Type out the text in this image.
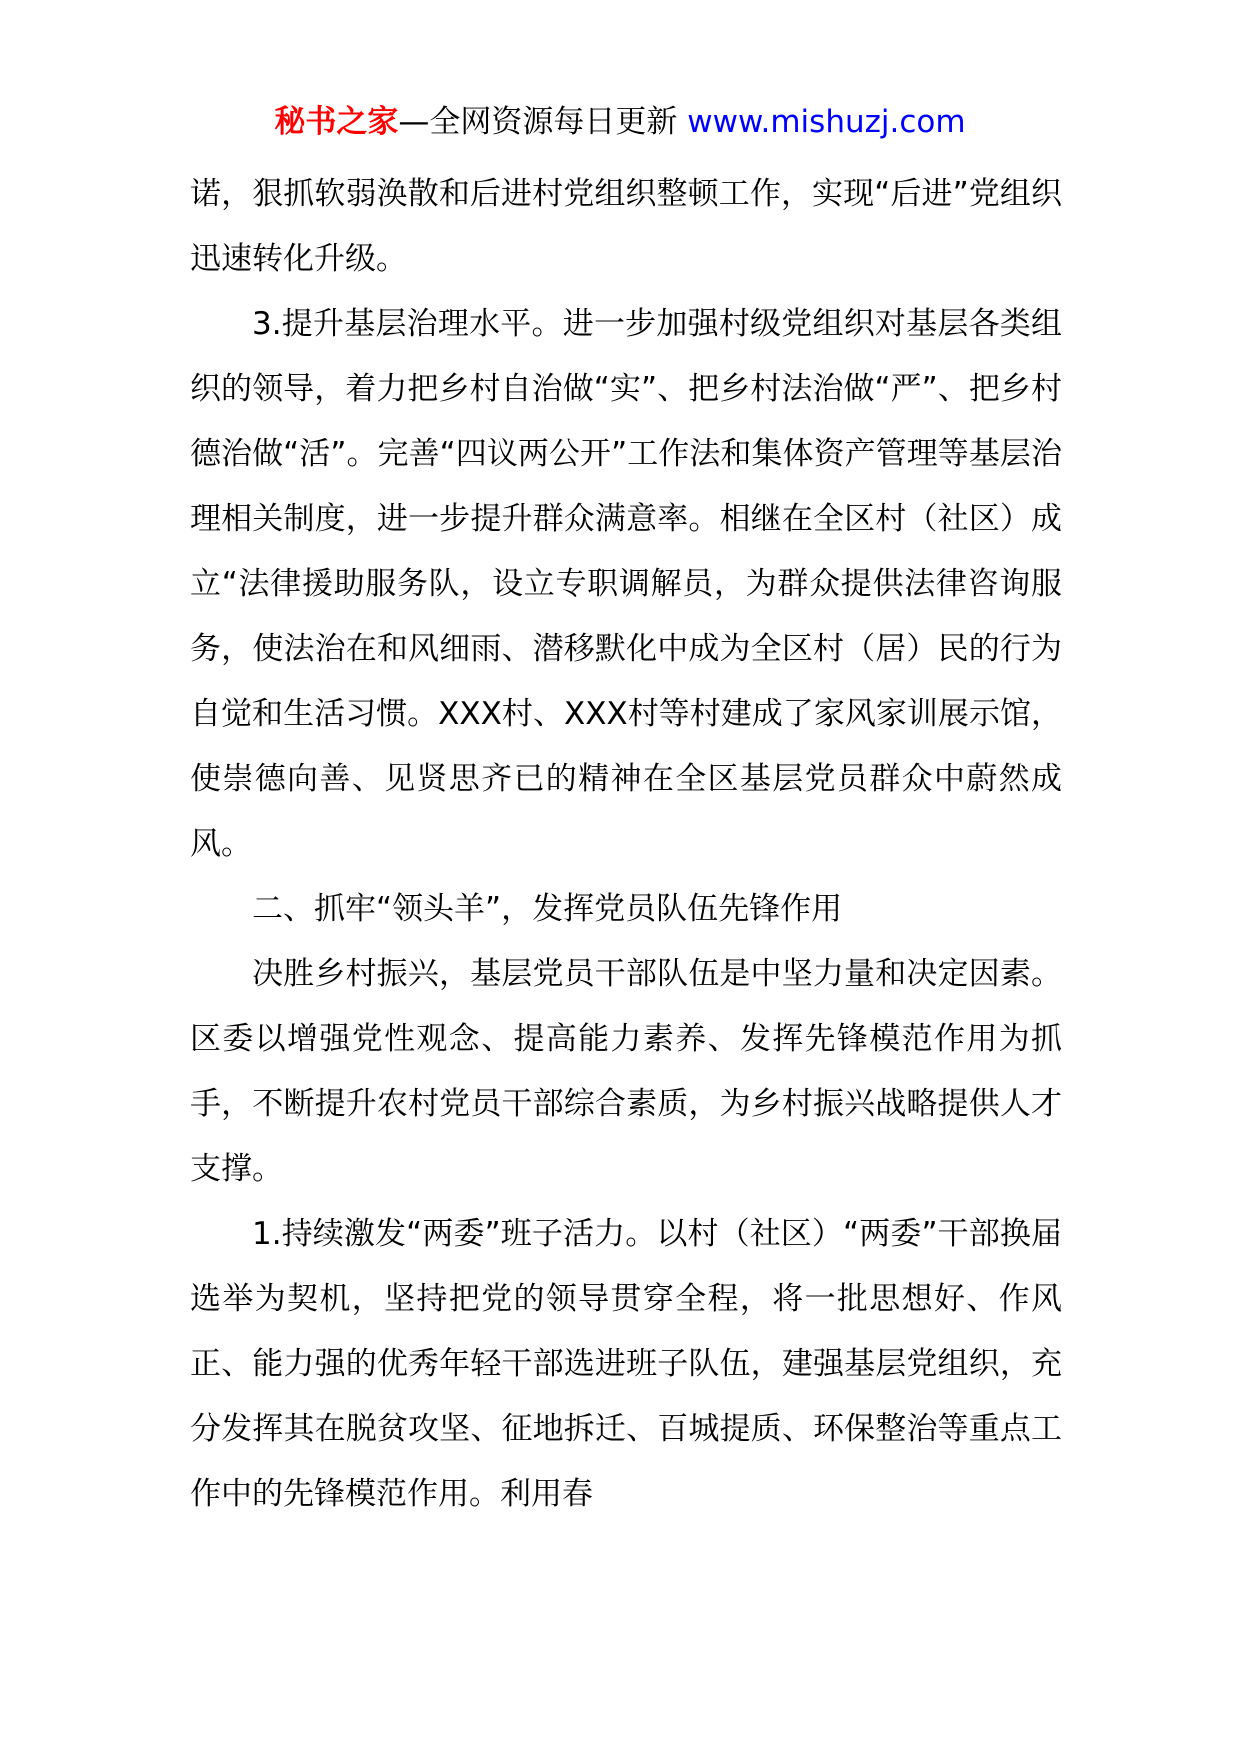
秘书之家—全网资源每日更新 www.mishuzj.com

诺，狠抓软弱涣散和后进村党组织整顿工作，实现“后进”党组织迅速转化升级。

3.提升基层治理水平。进一步加强村级党组织对基层各类组织的领导，着力把乡村自治做“实”、把乡村法治做“严”、把乡村德治做“活”。完善“四议两公开”工作法和集体资产管理等基层治理相关制度，进一步提升群众满意率。相继在全区村（社区）成立“法律援助服务队，设立专职调解员，为群众提供法律咨询服务，使法治在和风细雨、潜移默化中成为全区村（居）民的行为自觉和生活习惯。XXX村、XXX村等村建成了家风家训展示馆，使崇德向善、见贤思齐已的精神在全区基层党员群众中蔚然成风。

二、抓牢“领头羊”，发挥党员队伍先锋作用

决胜乡村振兴，基层党员干部队伍是中坚力量和决定因素。区委以增强党性观念、提高能力素养、发挥先锋模范作用为抓手，不断提升农村党员干部综合素质，为乡村振兴战略提供人才支撑。

1.持续激发“两委”班子活力。以村（社区）“两委”干部换届选举为契机，坚持把党的领导贯穿全程，将一批思想好、作风正、能力强的优秀年轻干部选进班子队伍，建强基层党组织，充分发挥其在脱贫攻坚、征地拆迁、百城提质、环保整治等重点工作中的先锋模范作用。利用春
